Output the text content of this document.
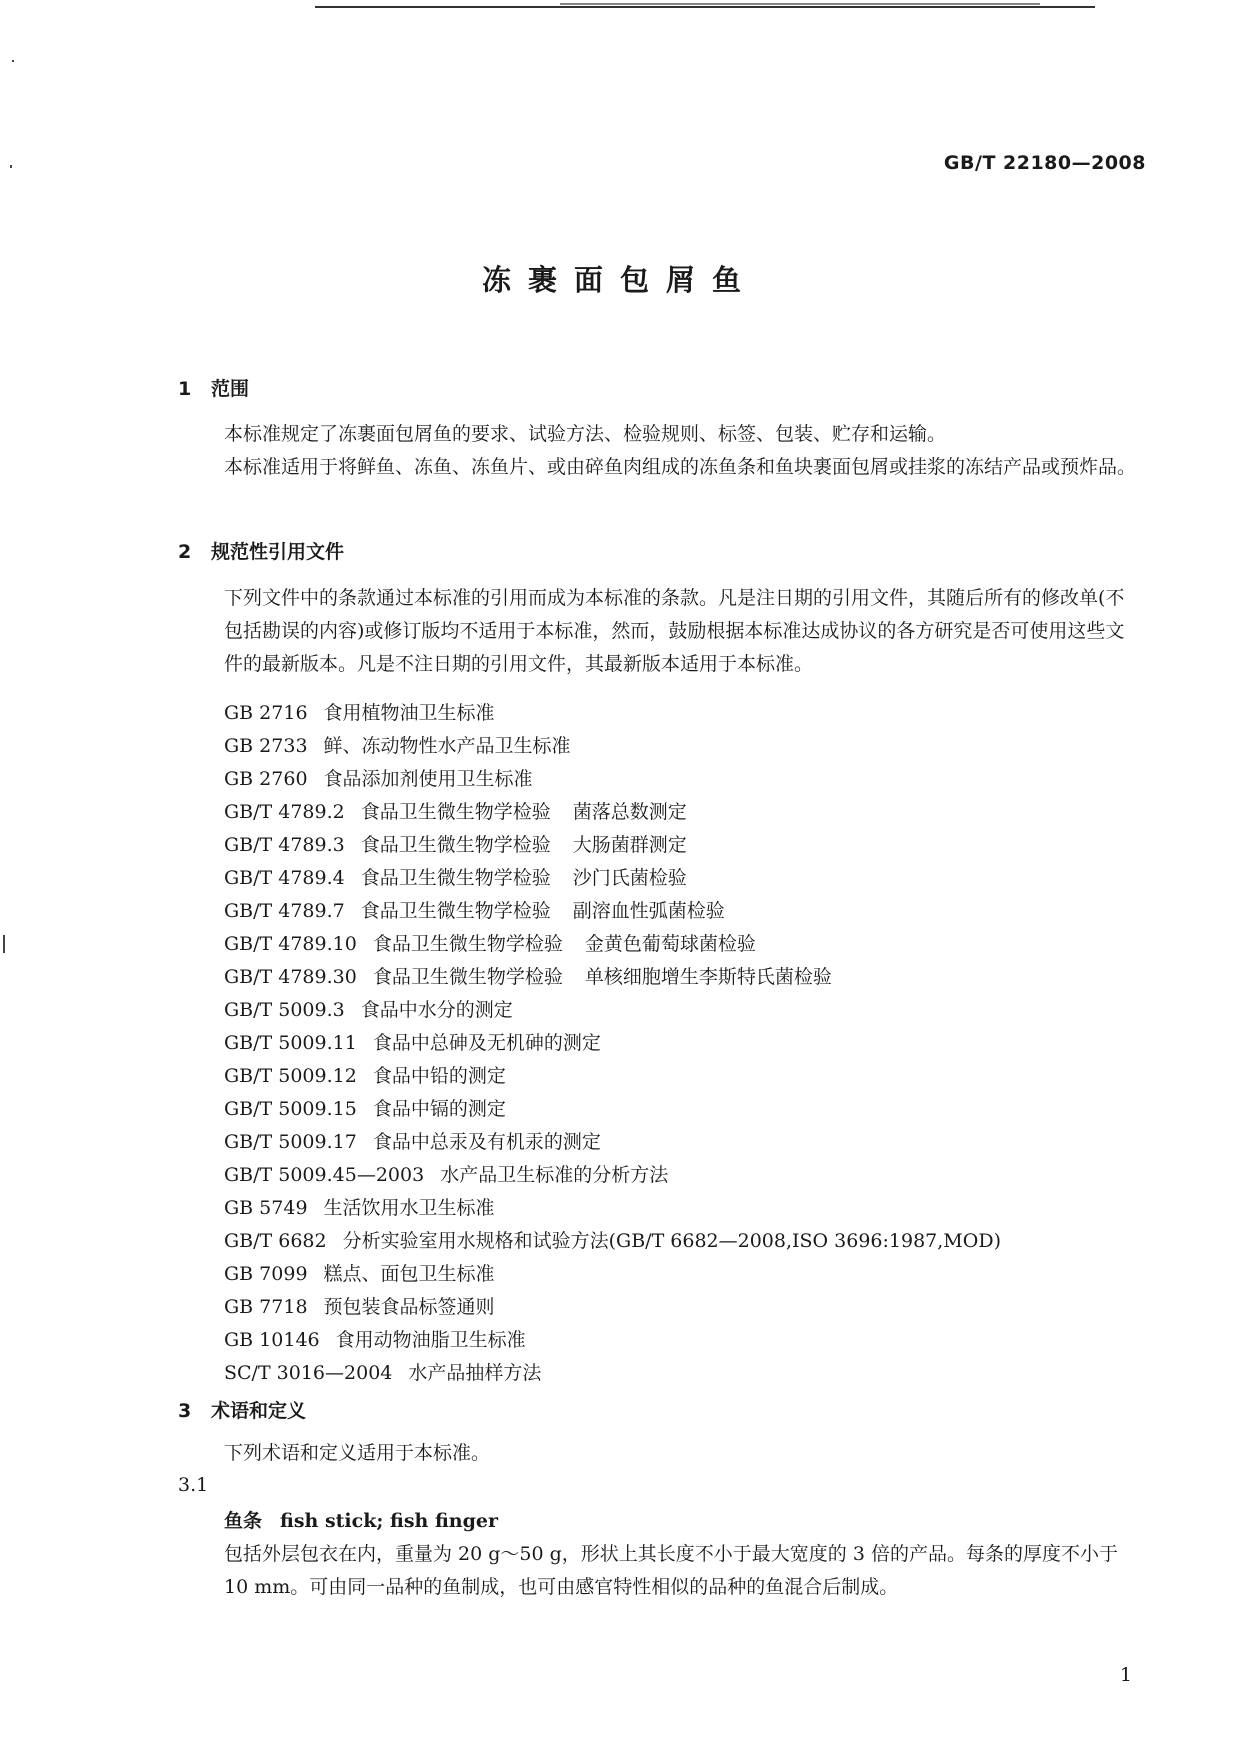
GB/T 22180—2008
冻裹面包屑鱼
1 范围
本标准规定了冻裹面包屑鱼的要求、试验方法、检验规则、标签、包装、贮存和运输。
本标准适用于将鲜鱼、冻鱼、冻鱼片、或由碎鱼肉组成的冻鱼条和鱼块裹面包屑或挂浆的冻结产品或预炸品。
2 规范性引用文件
下列文件中的条款通过本标准的引用而成为本标准的条款。凡是注日期的引用文件，其随后所有的修改单(不包括勘误的内容)或修订版均不适用于本标准，然而，鼓励根据本标准达成协议的各方研究是否可使用这些文件的最新版本。凡是不注日期的引用文件，其最新版本适用于本标准。
GB 2716 食用植物油卫生标准
GB 2733 鲜、冻动物性水产品卫生标准
GB 2760 食品添加剂使用卫生标准
GB/T 4789.2 食品卫生微生物学检验 菌落总数测定
GB/T 4789.3 食品卫生微生物学检验 大肠菌群测定
GB/T 4789.4 食品卫生微生物学检验 沙门氏菌检验
GB/T 4789.7 食品卫生微生物学检验 副溶血性弧菌检验
GB/T 4789.10 食品卫生微生物学检验 金黄色葡萄球菌检验
GB/T 4789.30 食品卫生微生物学检验 单核细胞增生李斯特氏菌检验
GB/T 5009.3 食品中水分的测定
GB/T 5009.11 食品中总砷及无机砷的测定
GB/T 5009.12 食品中铅的测定
GB/T 5009.15 食品中镉的测定
GB/T 5009.17 食品中总汞及有机汞的测定
GB/T 5009.45—2003 水产品卫生标准的分析方法
GB 5749 生活饮用水卫生标准
GB/T 6682 分析实验室用水规格和试验方法(GB/T 6682—2008,ISO 3696:1987,MOD)
GB 7099 糕点、面包卫生标准
GB 7718 预包装食品标签通则
GB 10146 食用动物油脂卫生标准
SC/T 3016—2004 水产品抽样方法
3 术语和定义
下列术语和定义适用于本标准。
3.1
鱼条 fish stick; fish finger
包括外层包衣在内，重量为 20 g～50 g，形状上其长度不小于最大宽度的 3 倍的产品。每条的厚度不小于 10 mm。可由同一品种的鱼制成，也可由感官特性相似的品种的鱼混合后制成。
1
